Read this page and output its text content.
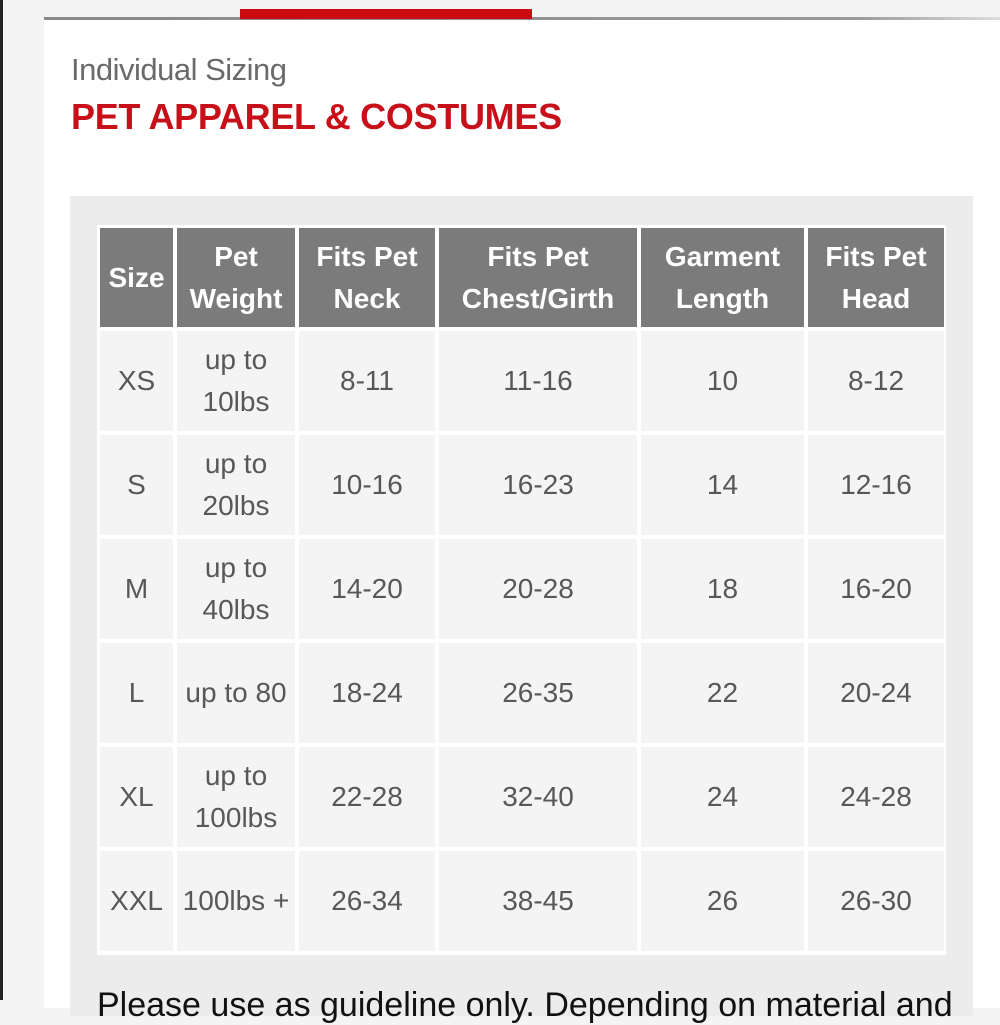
Individual Sizing
PET APPAREL & COSTUMES
Size	Pet Weight	Fits Pet Neck	Fits Pet Chest/Girth	Garment Length	Fits Pet Head
XS	up to 10lbs	8-11	11-16	10	8-12
S	up to 20lbs	10-16	16-23	14	12-16
M	up to 40lbs	14-20	20-28	18	16-20
L	up to 80	18-24	26-35	22	20-24
XL	up to 100lbs	22-28	32-40	24	24-28
XXL	100lbs +	26-34	38-45	26	26-30
Please use as guideline only. Depending on material and
